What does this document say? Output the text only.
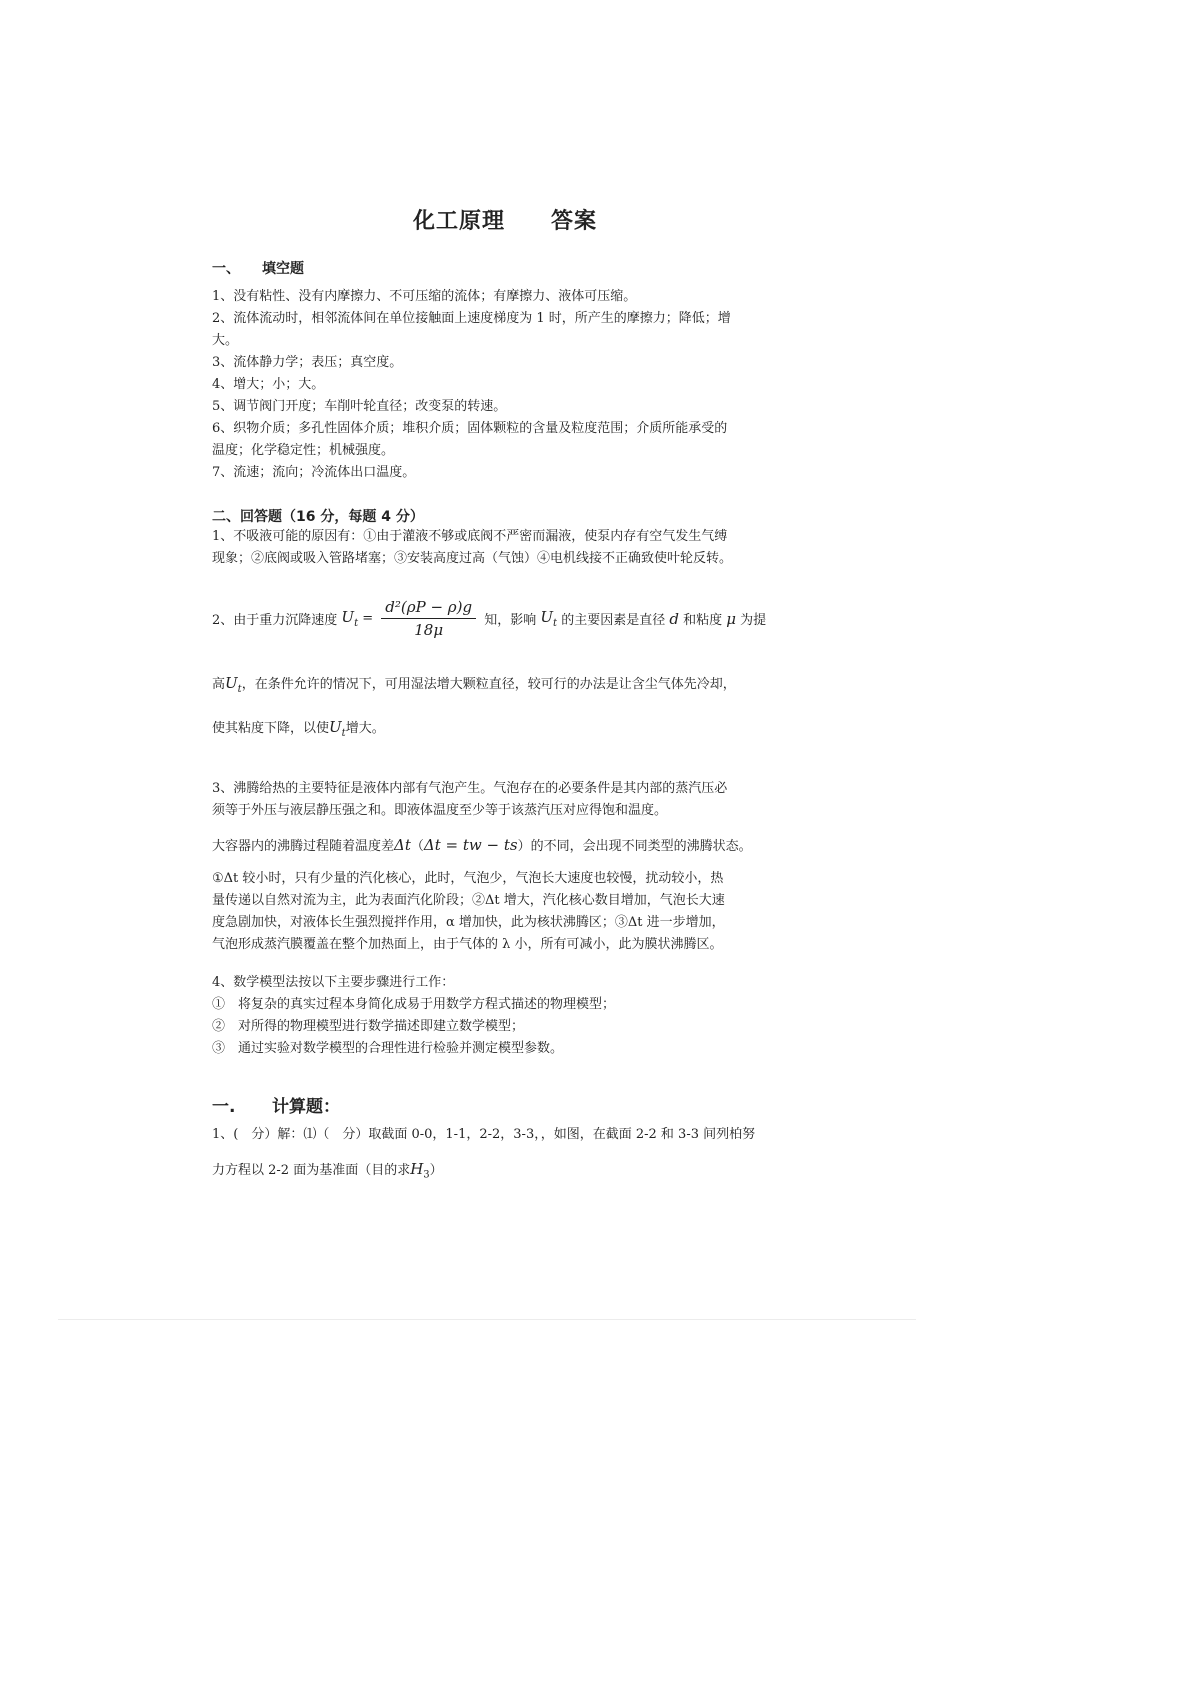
化工原理　　答案
一、 填空题
1、没有粘性、没有内摩擦力、不可压缩的流体；有摩擦力、液体可压缩。
2、流体流动时，相邻流体间在单位接触面上速度梯度为 1 时，所产生的摩擦力；降低；增
大。
3、流体静力学；表压；真空度。
4、增大；小；大。
5、调节阀门开度；车削叶轮直径；改变泵的转速。
6、织物介质；多孔性固体介质；堆积介质；固体颗粒的含量及粒度范围；介质所能承受的
温度；化学稳定性；机械强度。
7、流速；流向；冷流体出口温度。
二、回答题（16 分，每题 4 分）
1、不吸液可能的原因有：①由于灌液不够或底阀不严密而漏液，使泵内存有空气发生气缚
现象；②底阀或吸入管路堵塞；③安装高度过高（气蚀）④电机线接不正确致使叶轮反转。
2、由于重力沉降速度 $U_t = \frac{\text{d²(ρP − ρ)g}}{18\mu}$ 知，影响 $U_t$ 的主要因素是直径 d 和粘度 μ 为提
高$U_t$，在条件允许的情况下，可用湿法增大颗粒直径，较可行的办法是让含尘气体先冷却，
使其粘度下降，以使$U_t$增大。
3、沸腾给热的主要特征是液体内部有气泡产生。气泡存在的必要条件是其内部的蒸汽压必
须等于外压与液层静压强之和。即液体温度至少等于该蒸汽压对应得饱和温度。
大容器内的沸腾过程随着温度差Δt（Δt = tw − ts）的不同，会出现不同类型的沸腾状态。
①Δt 较小时，只有少量的汽化核心，此时，气泡少，气泡长大速度也较慢，扰动较小，热
量传递以自然对流为主，此为表面汽化阶段；②Δt 增大，汽化核心数目增加，气泡长大速
度急剧加快，对液体长生强烈搅拌作用，α 增加快，此为核状沸腾区；③Δt 进一步增加，
气泡形成蒸汽膜覆盖在整个加热面上，由于气体的 λ 小，所有可减小，此为膜状沸腾区。
4、数学模型法按以下主要步骤进行工作：
①　将复杂的真实过程本身简化成易于用数学方程式描述的物理模型；
②　对所得的物理模型进行数学描述即建立数学模型；
③　通过实验对数学模型的合理性进行检验并测定模型参数。
一. 计算题：
1、(　分）解：⑴（　分）取截面 0-0，1-1，2-2，3-3，，如图，在截面 2-2 和 3-3 间列柏努
力方程以 2-2 面为基准面（目的求$H_3$）
